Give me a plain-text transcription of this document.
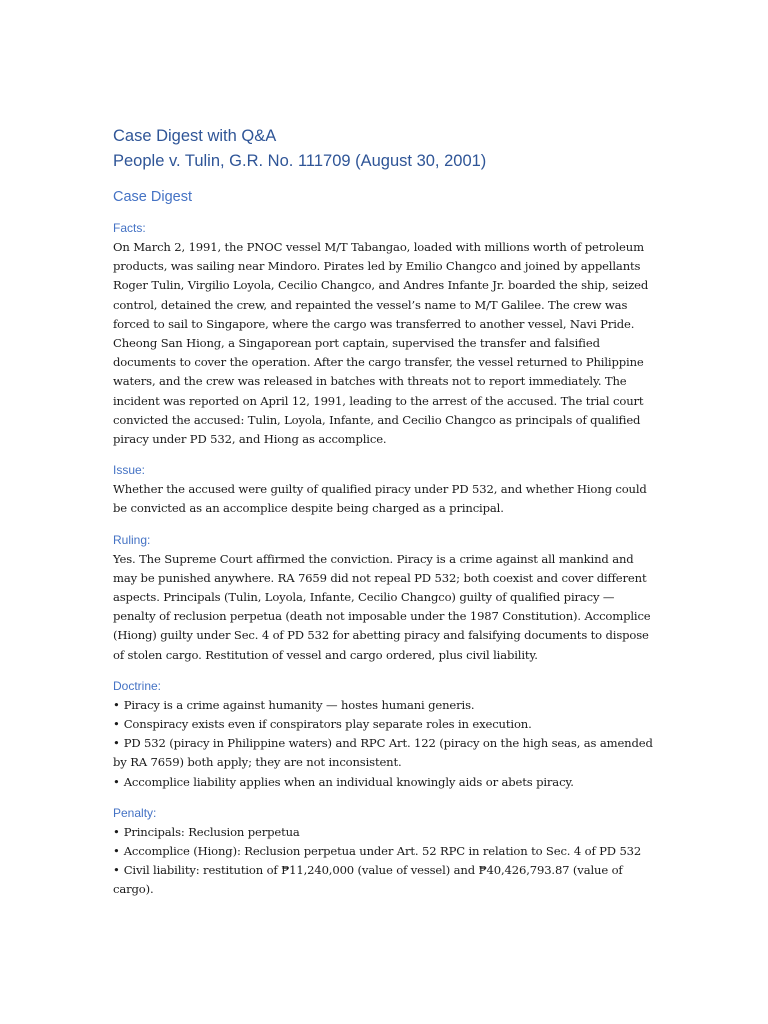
Case Digest with Q&A
People v. Tulin, G.R. No. 111709 (August 30, 2001)
Case Digest
Facts:

On March 2, 1991, the PNOC vessel M/T Tabangao, loaded with millions worth of petroleum products, was sailing near Mindoro. Pirates led by Emilio Changco and joined by appellants Roger Tulin, Virgilio Loyola, Cecilio Changco, and Andres Infante Jr. boarded the ship, seized control, detained the crew, and repainted the vessel’s name to M/T Galilee. The crew was forced to sail to Singapore, where the cargo was transferred to another vessel, Navi Pride. Cheong San Hiong, a Singaporean port captain, supervised the transfer and falsified documents to cover the operation. After the cargo transfer, the vessel returned to Philippine waters, and the crew was released in batches with threats not to report immediately. The incident was reported on April 12, 1991, leading to the arrest of the accused. The trial court convicted the accused: Tulin, Loyola, Infante, and Cecilio Changco as principals of qualified piracy under PD 532, and Hiong as accomplice.

Issue:

Whether the accused were guilty of qualified piracy under PD 532, and whether Hiong could be convicted as an accomplice despite being charged as a principal.

Ruling:

Yes. The Supreme Court affirmed the conviction. Piracy is a crime against all mankind and may be punished anywhere. RA 7659 did not repeal PD 532; both coexist and cover different aspects. Principals (Tulin, Loyola, Infante, Cecilio Changco) guilty of qualified piracy — penalty of reclusion perpetua (death not imposable under the 1987 Constitution). Accomplice (Hiong) guilty under Sec. 4 of PD 532 for abetting piracy and falsifying documents to dispose of stolen cargo. Restitution of vessel and cargo ordered, plus civil liability.

Doctrine:
• Piracy is a crime against humanity — hostes humani generis.
• Conspiracy exists even if conspirators play separate roles in execution.
• PD 532 (piracy in Philippine waters) and RPC Art. 122 (piracy on the high seas, as amended by RA 7659) both apply; they are not inconsistent.
• Accomplice liability applies when an individual knowingly aids or abets piracy.
Penalty:
• Principals: Reclusion perpetua
• Accomplice (Hiong): Reclusion perpetua under Art. 52 RPC in relation to Sec. 4 of PD 532
• Civil liability: restitution of ₱11,240,000 (value of vessel) and ₱40,426,793.87 (value of cargo).
